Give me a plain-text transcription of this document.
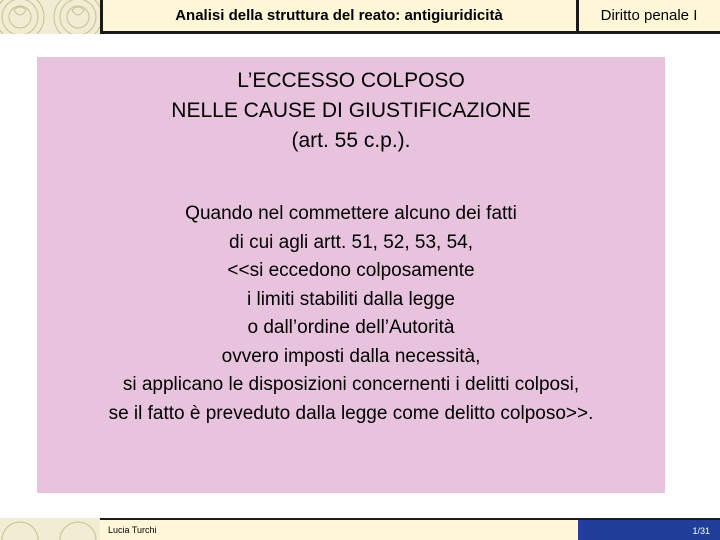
Analisi della struttura del reato: antigiuridicità	Diritto penale I
L’ECCESSO COLPOSO
NELLE CAUSE DI GIUSTIFICAZIONE
(art. 55 c.p.).
Quando nel commettere alcuno dei fatti
di cui agli artt. 51, 52, 53, 54,
<<si eccedono colposamente
i limiti stabiliti dalla legge
o dall’ordine dell’Autorità
ovvero imposti dalla necessità,
si applicano le disposizioni concernenti i delitti colposi,
se il fatto è preveduto dalla legge come delitto colposo>>.
Lucia Turchi	1/31
